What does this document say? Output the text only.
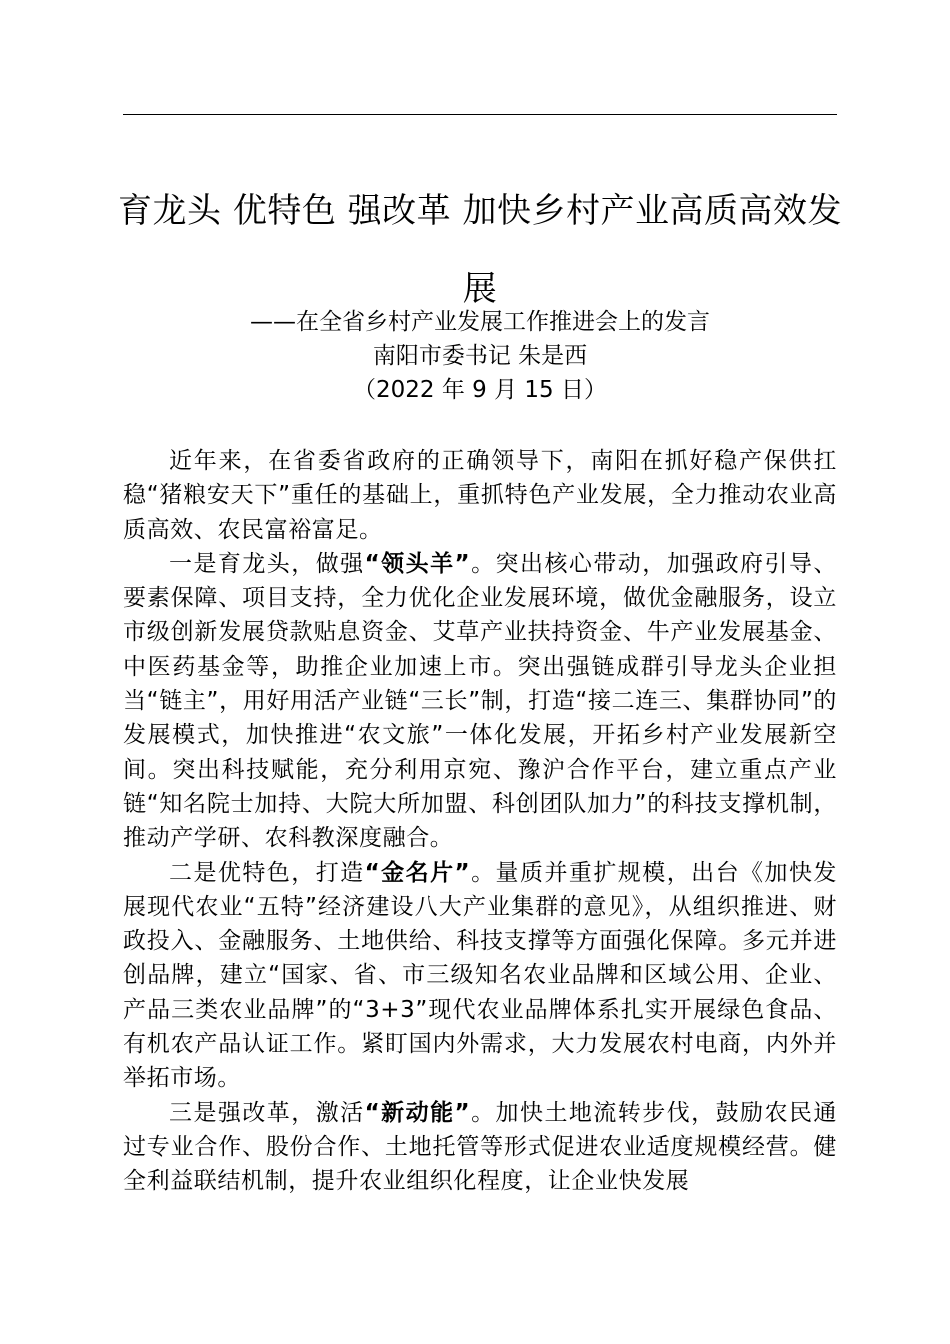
育龙头 优特色 强改革 加快乡村产业高质高效发展
——在全省乡村产业发展工作推进会上的发言
南阳市委书记 朱是西
（2022 年 9 月 15 日）

近年来，在省委省政府的正确领导下，南阳在抓好稳产保供扛稳“猪粮安天下”重任的基础上，重抓特色产业发展，全力推动农业高质高效、农民富裕富足。

一是育龙头，做强“领头羊”。突出核心带动，加强政府引导、要素保障、项目支持，全力优化企业发展环境，做优金融服务，设立市级创新发展贷款贴息资金、艾草产业扶持资金、牛产业发展基金、中医药基金等，助推企业加速上市。突出强链成群引导龙头企业担当“链主”，用好用活产业链“三长”制，打造“接二连三、集群协同”的发展模式，加快推进“农文旅”一体化发展，开拓乡村产业发展新空间。突出科技赋能，充分利用京宛、豫沪合作平台，建立重点产业链“知名院士加持、大院大所加盟、科创团队加力”的科技支撑机制，推动产学研、农科教深度融合。

二是优特色，打造“金名片”。量质并重扩规模，出台《加快发展现代农业“五特”经济建设八大产业集群的意见》，从组织推进、财政投入、金融服务、土地供给、科技支撑等方面强化保障。多元并进创品牌，建立“国家、省、市三级知名农业品牌和区域公用、企业、产品三类农业品牌”的“3+3”现代农业品牌体系扎实开展绿色食品、有机农产品认证工作。紧盯国内外需求，大力发展农村电商，内外并举拓市场。

三是强改革，激活“新动能”。加快土地流转步伐，鼓励农民通过专业合作、股份合作、土地托管等形式促进农业适度规模经营。健全利益联结机制，提升农业组织化程度，让企业快发展
